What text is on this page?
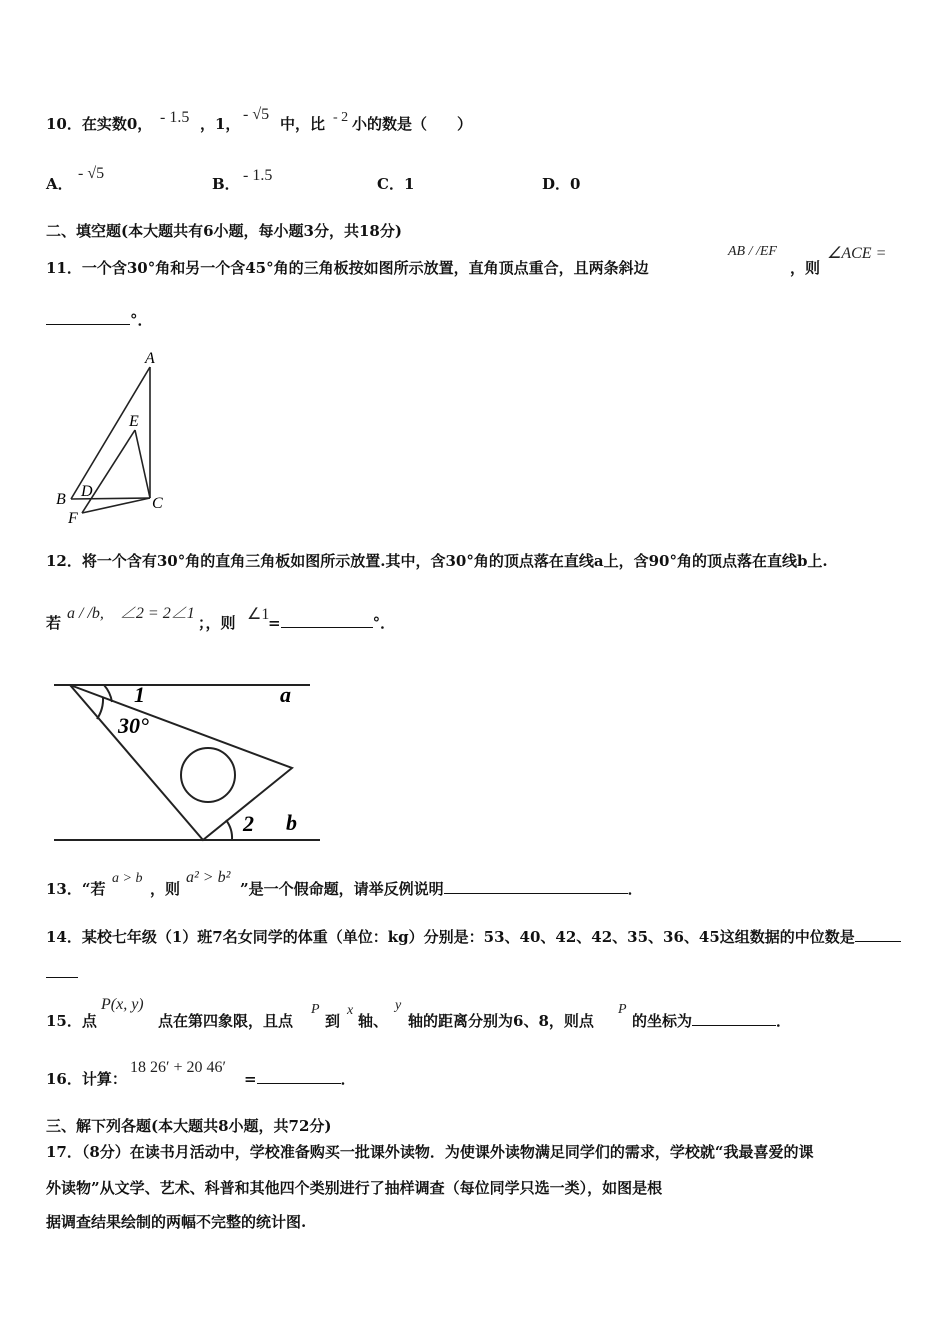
10．在实数0， - 1.5 ，1，
- √5
中，比 - 2 小的数是（　　）
A．
- √5
B． - 1.5	C．1	D．0
二、填空题(本大题共有6小题，每小题3分，共18分)
11．一个含30°角和另一个含45°角的三角板按如图所示放置，直角顶点重合，且两条斜边
AB / /EF
，则
∠ACE =
°．
A
E
B D
C
F
12．将一个含有30°角的直角三角板如图所示放置.其中，含30°角的顶点落在直线a上，含90°角的顶点落在直线b上.
若
a / /b,　∠2 = 2∠1
；，则 ∠1
=	°．
1
30°
a
2 b
13．“若
a > b
，则
a² > b²
”是一个假命题，请举反例说明	．
14．某校七年级（1）班7名女同学的体重（单位：kg）分别是：53、40、42、42、35、36、45这组数据的中位数是
15．点
P(x, y)
点在第四象限，且点
P
到
x
轴、
y
轴的距离分别为6、8，则点
P
的坐标为	．
16．计算：
18 26′ + 20 46′
=	．
三、解下列各题(本大题共8小题，共72分)
17．（8分）在读书月活动中，学校准备购买一批课外读物．为使课外读物满足同学们的需求，学校就“我最喜爱的课
外读物”从文学、艺术、科普和其他四个类别进行了抽样调查（每位同学只选一类），如图是根
据调查结果绘制的两幅不完整的统计图.
